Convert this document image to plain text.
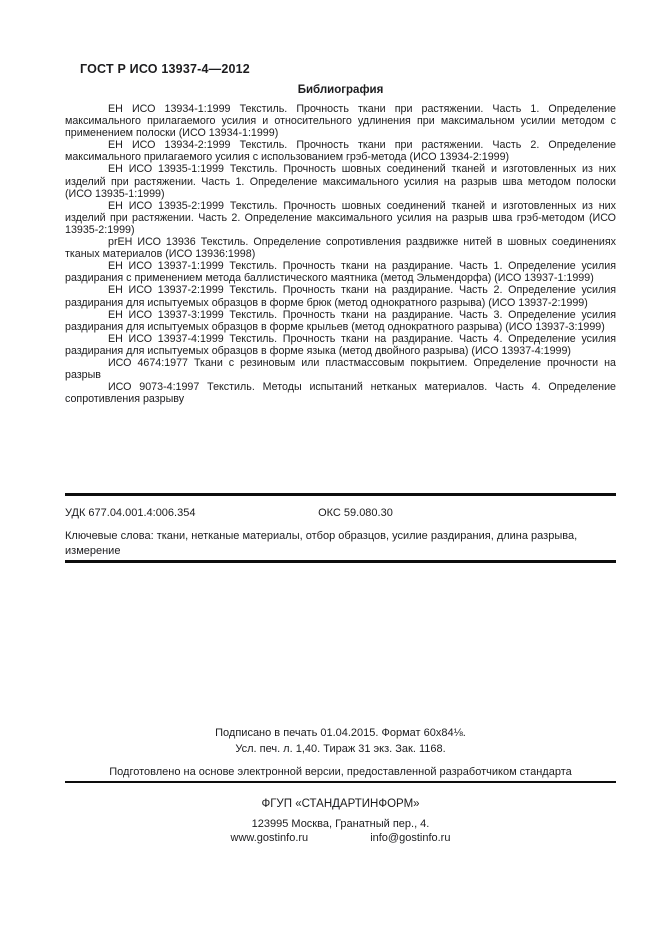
ГОСТ Р ИСО 13937-4—2012
Библиография

ЕН ИСО 13934-1:1999 Текстиль. Прочность ткани при растяжении. Часть 1. Определение максимального прилагаемого усилия и относительного удлинения при максимальном усилии методом с применением полоски (ИСО 13934-1:1999)

ЕН ИСО 13934-2:1999 Текстиль. Прочность ткани при растяжении. Часть 2. Определение максимального прилагаемого усилия с использованием грэб-метода (ИСО 13934-2:1999)

ЕН ИСО 13935-1:1999 Текстиль. Прочность шовных соединений тканей и изготовленных из них изделий при растяжении. Часть 1. Определение максимального усилия на разрыв шва методом полоски (ИСО 13935-1:1999)

ЕН ИСО 13935-2:1999 Текстиль. Прочность шовных соединений тканей и изготовленных из них изделий при растяжении. Часть 2. Определение максимального усилия на разрыв шва грэб-методом (ИСО 13935-2:1999)

prЕН ИСО 13936 Текстиль. Определение сопротивления раздвижке нитей в шовных соединениях тканых материалов (ИСО 13936:1998)

ЕН ИСО 13937-1:1999 Текстиль. Прочность ткани на раздирание. Часть 1. Определение усилия раздирания с применением метода баллистического маятника (метод Эльмендорфа) (ИСО 13937-1:1999)

ЕН ИСО 13937-2:1999 Текстиль. Прочность ткани на раздирание. Часть 2. Определение усилия раздирания для испытуемых образцов в форме брюк (метод однократного разрыва) (ИСО 13937-2:1999)

ЕН ИСО 13937-3:1999 Текстиль. Прочность ткани на раздирание. Часть 3. Определение усилия раздирания для испытуемых образцов в форме крыльев (метод однократного разрыва) (ИСО 13937-3:1999)

ЕН ИСО 13937-4:1999 Текстиль. Прочность ткани на раздирание. Часть 4. Определение усилия раздирания для испытуемых образцов в форме языка (метод двойного разрыва) (ИСО 13937-4:1999)

ИСО 4674:1977 Ткани с резиновым или пластмассовым покрытием. Определение прочности на разрыв

ИСО 9073-4:1997 Текстиль. Методы испытаний нетканых материалов. Часть 4. Определение сопротивления разрыву

УДК 677.04.001.4:006.354	ОКС 59.080.30
Ключевые слова: ткани, нетканые материалы, отбор образцов, усилие раздирания, длина разрыва, измерение
Подписано в печать 01.04.2015. Формат 60х84⅛.
Усл. печ. л. 1,40. Тираж 31 экз. Зак. 1168.
Подготовлено на основе электронной версии, предоставленной разработчиком стандарта
ФГУП «СТАНДАРТИНФОРМ»
123995 Москва, Гранатный пер., 4.
www.gostinfo.ru	info@gostinfo.ru
